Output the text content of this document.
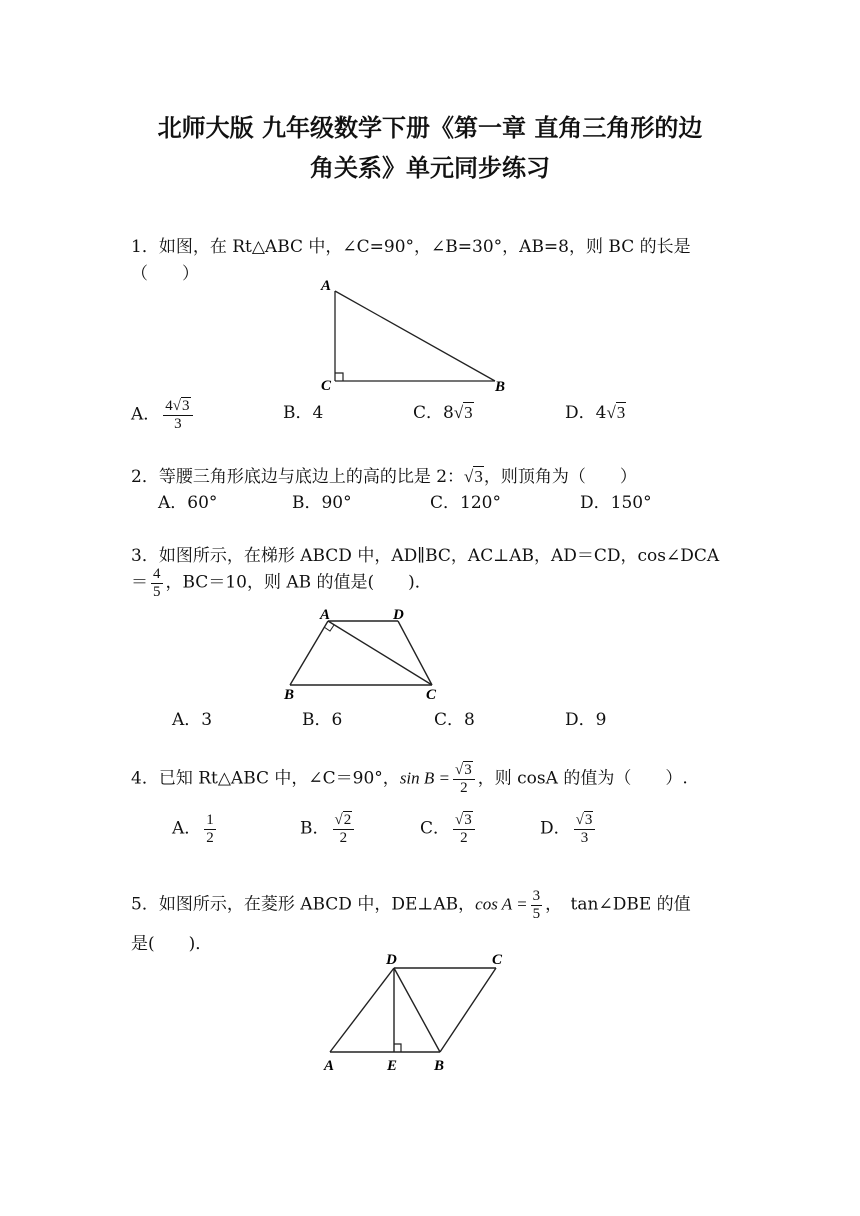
北师大版 九年级数学下册《第一章 直角三角形的边
角关系》单元同步练习
1．如图，在 Rt△ABC 中，∠C=90°，∠B=30°，AB=8，则 BC 的长是
（　　）
A
C	B
A． $\frac{4√3}{3}$	B．4	C．8√3	D．4√3
2．等腰三角形底边与底边上的高的比是 2：√3，则顶角为（　　）
A．60°	B．90°	C．120°	D．150°
3．如图所示，在梯形 ABCD 中，AD∥BC，AC⊥AB，AD＝CD，cos∠DCA
＝ $\frac{4}{5}$ ，BC＝10，则 AB 的值是(　　)．
A	D
B	C
A．3	B．6	C．8	D．9
4．已知 Rt△ABC 中，∠C＝90°，$\sin B = \frac{√3}{2}$ ，则 cosA 的值为（　　）.
A． $\frac{1}{2}$	B． $\frac{√2}{2}$	C． $\frac{√3}{2}$	D． $\frac{√3}{3}$
5．如图所示，在菱形 ABCD 中，DE⊥AB，$\cos A = \frac{3}{5}$ ，　tan∠DBE 的值
是(　　)．
D	C
A	E B
